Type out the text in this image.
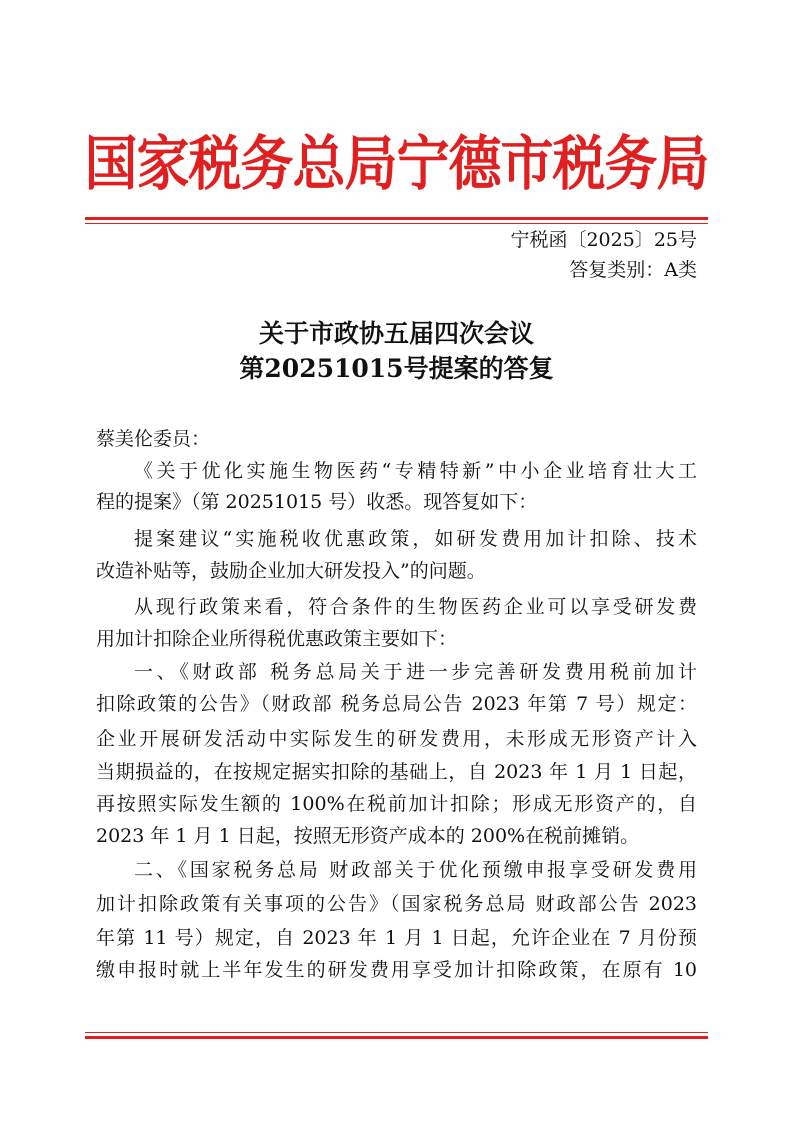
国家税务总局宁德市税务局
宁税函〔2025〕25号
答复类别：A类
关于市政协五届四次会议
第20251015号提案的答复
蔡美伦委员：
《关于优化实施生物医药“专精特新”中小企业培育壮大工
程的提案》（第 20251015 号）收悉。现答复如下：
提案建议“实施税收优惠政策，如研发费用加计扣除、技术
改造补贴等，鼓励企业加大研发投入”的问题。
从现行政策来看，符合条件的生物医药企业可以享受研发费
用加计扣除企业所得税优惠政策主要如下：
一、《财政部 税务总局关于进一步完善研发费用税前加计
扣除政策的公告》（财政部 税务总局公告 2023 年第 7 号）规定：
企业开展研发活动中实际发生的研发费用，未形成无形资产计入
当期损益的，在按规定据实扣除的基础上，自 2023 年 1 月 1 日起，
再按照实际发生额的 100%在税前加计扣除；形成无形资产的，自
2023 年 1 月 1 日起，按照无形资产成本的 200%在税前摊销。
二、《国家税务总局 财政部关于优化预缴申报享受研发费用
加计扣除政策有关事项的公告》（国家税务总局 财政部公告 2023
年第 11 号）规定，自 2023 年 1 月 1 日起，允许企业在 7 月份预
缴申报时就上半年发生的研发费用享受加计扣除政策，在原有 10
